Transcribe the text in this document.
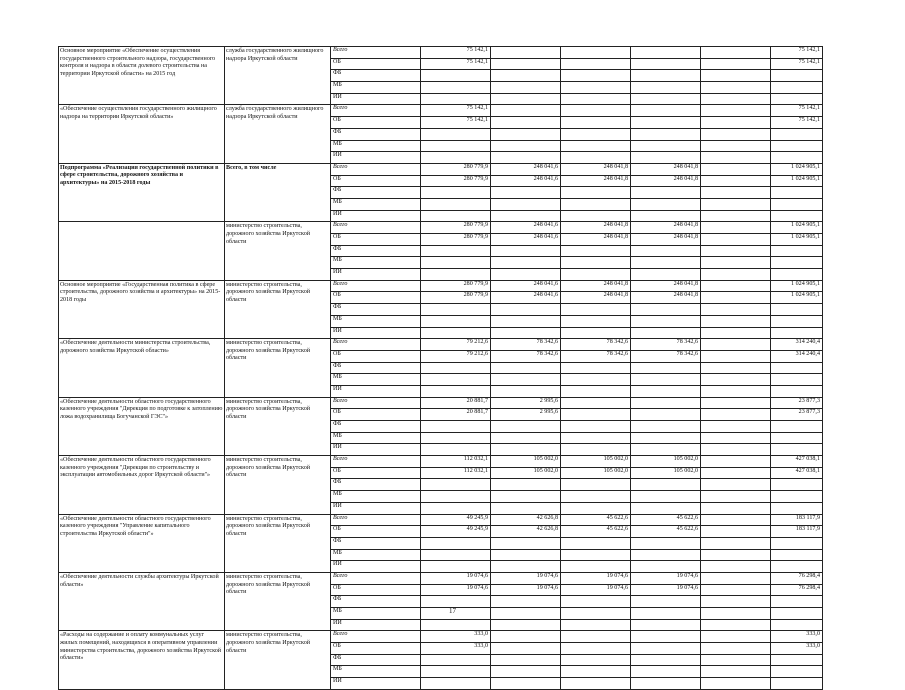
Основное мероприятие «Обеспечение осуществления государственного строительного надзора, государственного контроля и надзора в области долевого строительства на территории Иркутской области» на 2015 год	служба государственного жилищного надзора Иркутской области	Всего	75 142,1					75 142,1
		ОБ	75 142,1					75 142,1
		ФБ						
		МБ						
		ИИ						
«Обеспечение осуществления государственного жилищного надзора на территории Иркутской области»	служба государственного жилищного надзора Иркутской области	Всего	75 142,1					75 142,1
		ОБ	75 142,1					75 142,1
		ФБ						
		МБ						
		ИИ						
Подпрограмма «Реализация государственной политики в сфере строительства, дорожного хозяйства и архитектуры» на 2015-2018 годы	Всего, в том числе	Всего	280 779,9	248 041,6	248 041,8	248 041,8		1 024 905,1
		ОБ	280 779,9	248 041,6	248 041,8	248 041,8		1 024 905,1
		ФБ						
		МБ						
		ИИ						
	министерство строительства, дорожного хозяйства Иркутской области	Всего	280 779,9	248 041,6	248 041,8	248 041,8		1 024 905,1
		ОБ	280 779,9	248 041,6	248 041,8	248 041,8		1 024 905,1
		ФБ						
		МБ						
		ИИ						
Основное мероприятие «Государственная политика в сфере строительства, дорожного хозяйства и архитектуры» на 2015-2018 годы	министерство строительства, дорожного хозяйства Иркутской области	Всего	280 779,9	248 041,6	248 041,8	248 041,8		1 024 905,1
		ОБ	280 779,9	248 041,6	248 041,8	248 041,8		1 024 905,1
		ФБ						
		МБ						
		ИИ						
«Обеспечение деятельности министерства строительства, дорожного хозяйства Иркутской области»	министерство строительства, дорожного хозяйства Иркутской области	Всего	79 212,6	78 342,6	78 342,6	78 342,6		314 240,4
		ОБ	79 212,6	78 342,6	78 342,6	78 342,6		314 240,4
		ФБ						
		МБ						
		ИИ						
«Обеспечение деятельности областного государственного казенного учреждения "Дирекция по подготовке к затоплению ложа водохранилища Богучанской ГЭС"»	министерство строительства, дорожного хозяйства Иркутской области	Всего	20 881,7	2 995,6				23 877,3
		ОБ	20 881,7	2 995,6				23 877,3
		ФБ						
		МБ						
		ИИ						
«Обеспечение деятельности областного государственного казенного учреждения "Дирекция по строительству и эксплуатации автомобильных дорог Иркутской области"»	министерство строительства, дорожного хозяйства Иркутской области	Всего	112 032,1	105 002,0	105 002,0	105 002,0		427 038,1
		ОБ	112 032,1	105 002,0	105 002,0	105 002,0		427 038,1
		ФБ						
		МБ						
		ИИ						
«Обеспечение деятельности областного государственного казенного учреждения "Управление капитального строительства Иркутской области"»	министерство строительства, дорожного хозяйства Иркутской области	Всего	49 245,9	42 626,8	45 622,6	45 622,6		183 117,9
		ОБ	49 245,9	42 626,8	45 622,6	45 622,6		183 117,9
		ФБ						
		МБ						
		ИИ						
«Обеспечение деятельности службы архитектуры Иркутской области»	министерство строительства, дорожного хозяйства Иркутской области	Всего	19 074,6	19 074,6	19 074,6	19 074,6		76 298,4
		ОБ	19 074,6	19 074,6	19 074,6	19 074,6		76 298,4
		ФБ						
		МБ						
		ИИ						
«Расходы на содержание и оплату коммунальных услуг жилых помещений, находящихся в оперативном управлении министерства строительства, дорожного хозяйства Иркутской области»	министерство строительства, дорожного хозяйства Иркутской области	Всего	333,0					333,0
		ОБ	333,0					333,0
		ФБ						
		МБ						
		ИИ						
17
